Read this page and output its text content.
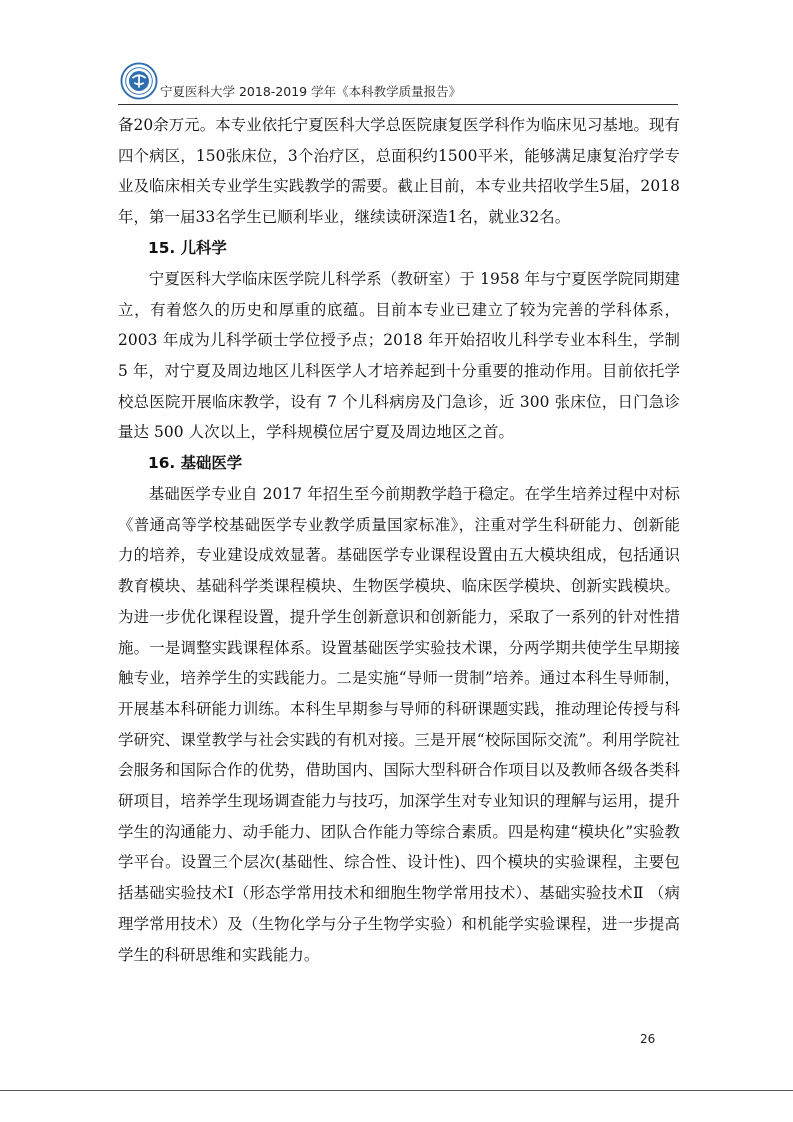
宁夏医科大学 2018-2019 学年《本科教学质量报告》

备20余万元。本专业依托宁夏医科大学总医院康复医学科作为临床见习基地。现有四个病区，150张床位，3个治疗区，总面积约1500平米，能够满足康复治疗学专业及临床相关专业学生实践教学的需要。截止目前，本专业共招收学生5届，2018年，第一届33名学生已顺利毕业，继续读研深造1名，就业32名。

15. 儿科学

宁夏医科大学临床医学院儿科学系（教研室）于 1958 年与宁夏医学院同期建立，有着悠久的历史和厚重的底蕴。目前本专业已建立了较为完善的学科体系，2003 年成为儿科学硕士学位授予点；2018 年开始招收儿科学专业本科生，学制 5 年，对宁夏及周边地区儿科医学人才培养起到十分重要的推动作用。目前依托学校总医院开展临床教学，设有 7 个儿科病房及门急诊，近 300 张床位，日门急诊量达 500 人次以上，学科规模位居宁夏及周边地区之首。

16. 基础医学

基础医学专业自 2017 年招生至今前期教学趋于稳定。在学生培养过程中对标《普通高等学校基础医学专业教学质量国家标准》，注重对学生科研能力、创新能力的培养，专业建设成效显著。基础医学专业课程设置由五大模块组成，包括通识教育模块、基础科学类课程模块、生物医学模块、临床医学模块、创新实践模块。为进一步优化课程设置，提升学生创新意识和创新能力，采取了一系列的针对性措施。一是调整实践课程体系。设置基础医学实验技术课，分两学期共使学生早期接触专业，培养学生的实践能力。二是实施“导师一贯制”培养。通过本科生导师制，开展基本科研能力训练。本科生早期参与导师的科研课题实践，推动理论传授与科学研究、课堂教学与社会实践的有机对接。三是开展“校际国际交流”。利用学院社会服务和国际合作的优势，借助国内、国际大型科研合作项目以及教师各级各类科研项目，培养学生现场调查能力与技巧，加深学生对专业知识的理解与运用，提升学生的沟通能力、动手能力、团队合作能力等综合素质。四是构建“模块化”实验教学平台。设置三个层次(基础性、综合性、设计性)、四个模块的实验课程，主要包括基础实验技术Ⅰ（形态学常用技术和细胞生物学常用技术）、基础实验技术Ⅱ （病理学常用技术）及（生物化学与分子生物学实验）和机能学实验课程，进一步提高学生的科研思维和实践能力。

26
